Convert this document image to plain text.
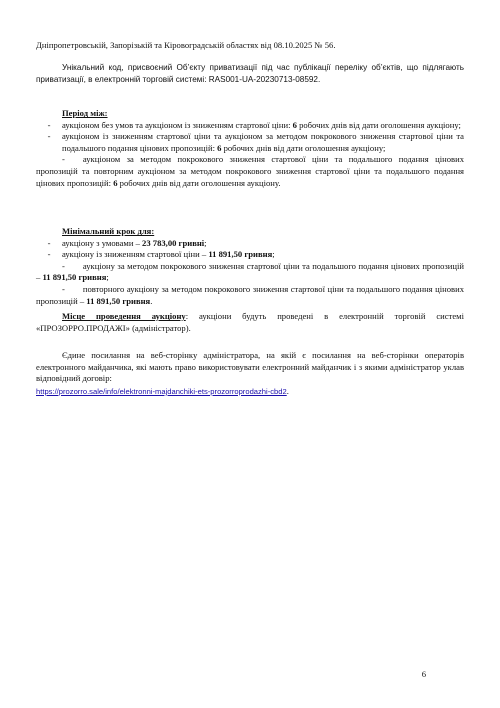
Дніпропетровській, Запорізькій та Кіровоградській областях від 08.10.2025 № 56.
Унікальний код, присвоєний Об’єкту приватизації під час публікації переліку об’єктів, що підлягають приватизації, в електронній торговій системі: RAS001-UA-20230713-08592.
Період між:
-	аукціоном без умов та аукціоном із зниженням стартової ціни: 6 робочих днів від дати оголошення аукціону;
-	аукціоном із зниженням стартової ціни та аукціоном за методом покрокового зниження стартової ціни та подальшого подання цінових пропозицій: 6 робочих днів від дати оголошення аукціону;
- аукціоном за методом покрокового зниження стартової ціни та подальшого подання цінових пропозицій та повторним аукціоном за методом покрокового зниження стартової ціни та подальшого подання цінових пропозицій: 6 робочих днів від дати оголошення аукціону.
Мінімальний крок для:
-	аукціону з умовами – 23 783,00 гривні;
-	аукціону із зниженням стартової ціни – 11 891,50 гривня;
- аукціону за методом покрокового зниження стартової ціни та подальшого подання цінових пропозицій – 11 891,50 гривня;
- повторного аукціону за методом покрокового зниження стартової ціни та подальшого подання цінових пропозицій – 11 891,50 гривня.
Місце проведення аукціону: аукціони будуть проведені в електронній торговій системі «ПРОЗОРРО.ПРОДАЖІ» (адміністратор).
Єдине посилання на веб-сторінку адміністратора, на якій є посилання на веб-сторінки операторів електронного майданчика, які мають право використовувати електронний майданчик і з якими адміністратор уклав відповідний договір:
https://prozorro.sale/info/elektronni-majdanchiki-ets-prozorroprodazhi-cbd2.
6
